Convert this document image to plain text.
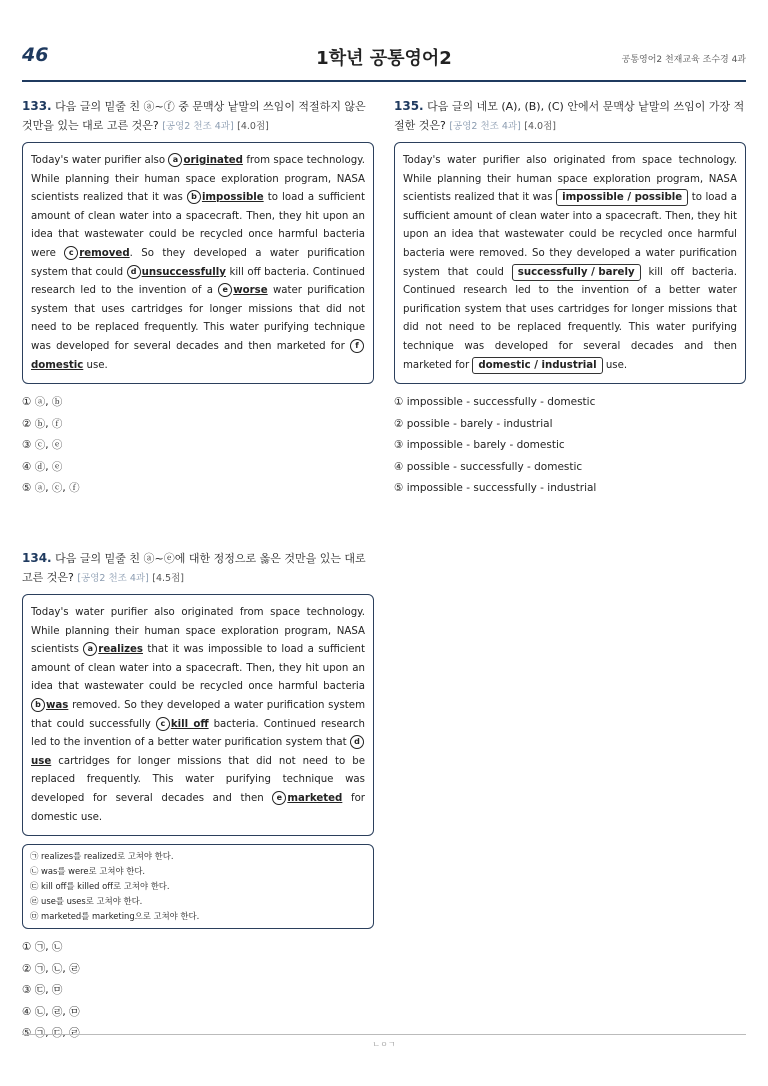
46	1학년 공통영어2	공통영어2 천재교육 조수경 4과
133. 다음 글의 밑줄 친 ⓐ~ⓕ 중 문맥상 낱말의 쓰임이 적절하지 않은 것만을 있는 대로 고른 것은? [공영2 천조 4과] [4.0점]
Today's water purifier also a originated from space technology. While planning their human space exploration program, NASA scientists realized that it was b impossible to load a sufficient amount of clean water into a spacecraft. Then, they hit upon an idea that wastewater could be recycled once harmful bacteria were c removed. So they developed a water purification system that could d unsuccessfully kill off bacteria. Continued research led to the invention of a e worse water purification system that uses cartridges for longer missions that did not need to be replaced frequently. This water purifying technique was developed for several decades and then marketed for fdomestic use.
① ⓐ, ⓑ
② ⓑ, ⓕ
③ ⓒ, ⓔ
④ ⓓ, ⓔ
⑤ ⓐ, ⓒ, ⓕ
134. 다음 글의 밑줄 친 ⓐ~ⓔ에 대한 정정으로 옳은 것만을 있는 대로 고른 것은? [공영2 천조 4과] [4.5점]
Today's water purifier also originated from space technology. While planning their human space exploration program, NASA scientists a realizes that it was impossible to load a sufficient amount of clean water into a spacecraft. Then, they hit upon an idea that wastewater could be recycled once harmful bacteria b was removed. So they developed a water purification system that could successfully c kill off bacteria. Continued research led to the invention of a better water purification system that duse cartridges for longer missions that did not need to be replaced frequently. This water purifying technique was developed for several decades and then e marketed for domestic use.
㉠ realizes를 realized로 고쳐야 한다.
㉡ was를 were로 고쳐야 한다.
㉢ kill off를 killed off로 고쳐야 한다.
㉣ use를 uses로 고쳐야 한다.
㉤ marketed를 marketing으로 고쳐야 한다.
① ㉠, ㉡
② ㉠, ㉡, ㉣
③ ㉢, ㉤
④ ㉡, ㉣, ㉤
⑤ ㉠, ㉢, ㉣
135. 다음 글의 네모 (A), (B), (C) 안에서 문맥상 낱말의 쓰임이 가장 적절한 것은? [공영2 천조 4과] [4.0점]
Today's water purifier also originated from space technology. While planning their human space exploration program, NASA scientists realized that it was impossible / possible to load a sufficient amount of clean water into a spacecraft. Then, they hit upon an idea that wastewater could be recycled once harmful bacteria were removed. So they developed a water purification system that could successfully / barely kill off bacteria. Continued research led to the invention of a better water purification system that uses cartridges for longer missions that did not need to be replaced frequently. This water purifying technique was developed for several decades and then marketed for domestic / industrial use.
① impossible - successfully - domestic
② possible - barely - industrial
③ impossible - barely - domestic
④ possible - successfully - domestic
⑤ impossible - successfully - industrial
ㄴㅇㄱ
